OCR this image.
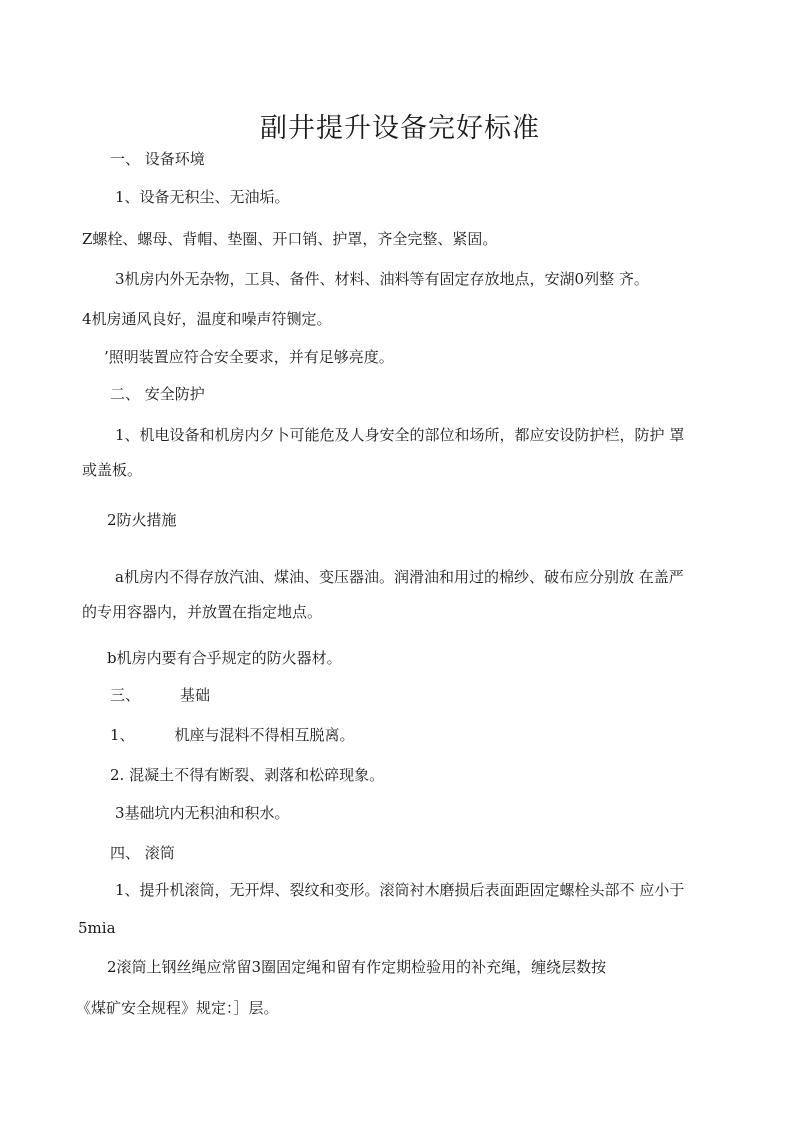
副井提升设备完好标准
一、 设备环境
1、设备无积尘、无油垢。
Z螺栓、螺母、背帽、垫圈、开口销、护罩，齐全完整、紧固。
3机房内外无杂物，工具、备件、材料、油料等有固定存放地点，安湖0列整 齐。
4机房通风良好，温度和噪声符铡定。
’照明装置应符合安全要求，并有足够亮度。
二、 安全防护
1、机电设备和机房内夕卜可能危及人身安全的部位和场所，都应安设防护栏，防护 罩
或盖板。
2防火措施
a机房内不得存放汽油、煤油、变压器油。润滑油和用过的棉纱、破布应分别放 在盖严
的专用容器内，并放置在指定地点。
b机房内要有合乎规定的防火器材。
三、	基础
1、	机座与混料不得相互脱离。
2. 混凝土不得有断裂、剥落和松碎现象。
3基础坑内无积油和积水。
四、 滚筒
1、提升机滚筒，无开焊、裂纹和变形。滚筒衬木磨损后表面距固定螺栓头部不 应小于
5mia
2滚筒上钢丝绳应常留3圈固定绳和留有作定期检验用的补充绳，缠绕层数按
《煤矿安全规程》规定：］层。
